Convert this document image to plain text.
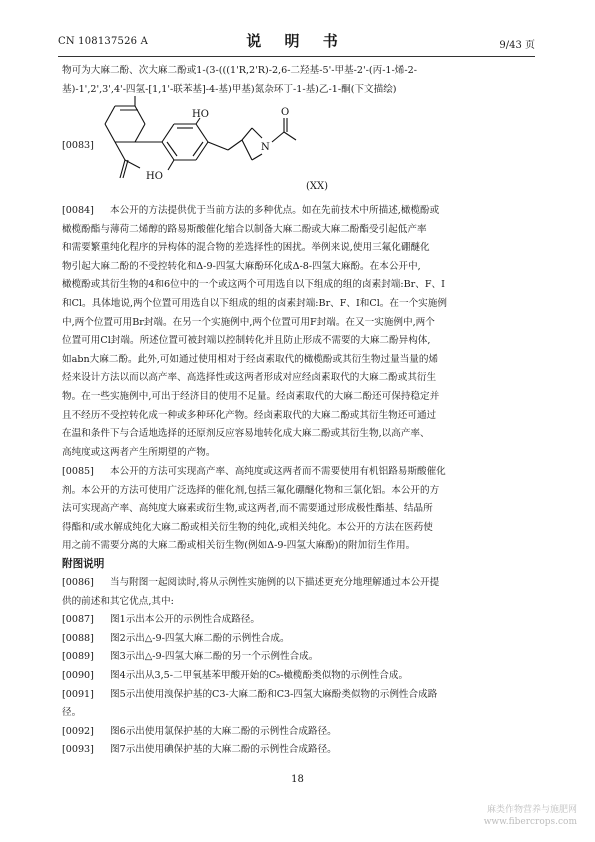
CN 108137526 A	说 明 书	9/43 页
物可为大麻二酚、次大麻二酚或1-(3-(((1'R,2'R)-2,6-二羟基-5'-甲基-2'-(丙-1-烯-2-
基)-1',2',3',4'-四氢-[1,1'-联苯基]-4-基)甲基)氮杂环丁-1-基)乙-1-酮(下文描绘)
[0083]
HO
HO
N
O
(XX)
[0084] 本公开的方法提供优于当前方法的多种优点。如在先前技术中所描述,橄榄酚或
橄榄酚酯与薄荷二烯醇的路易斯酸催化缩合以制备大麻二酚或大麻二酚酯受引起低产率
和需要繁重纯化程序的异构体的混合物的差选择性的困扰。举例来说,使用三氟化硼醚化
物引起大麻二酚的不受控转化和Δ-9-四氢大麻酚环化成Δ-8-四氢大麻酚。在本公开中,
橄榄酚或其衍生物的4和6位中的一个或这两个可用选自以下组成的组的卤素封端:Br、F、I
和Cl。具体地说,两个位置可用选自以下组成的组的卤素封端:Br、F、I和Cl。在一个实施例
中,两个位置可用Br封端。在另一个实施例中,两个位置可用F封端。在又一实施例中,两个
位置可用Cl封端。所述位置可被封端以控制转化并且防止形成不需要的大麻二酚异构体,
如abn大麻二酚。此外,可如通过使用相对于经卤素取代的橄榄酚或其衍生物过量当量的烯
烃来设计方法以而以高产率、高选择性或这两者形成对应经卤素取代的大麻二酚或其衍生
物。在一些实施例中,可出于经济目的使用不足量。经卤素取代的大麻二酚还可保持稳定并
且不经历不受控转化成一种或多种环化产物。经卤素取代的大麻二酚或其衍生物还可通过
在温和条件下与合适地选择的还原剂反应容易地转化成大麻二酚或其衍生物,以高产率、
高纯度或这两者产生所期望的产物。
[0085] 本公开的方法可实现高产率、高纯度或这两者而不需要使用有机铝路易斯酸催化
剂。本公开的方法可使用广泛选择的催化剂,包括三氟化硼醚化物和三氯化铝。本公开的方
法可实现高产率、高纯度大麻素或衍生物,或这两者,而不需要通过形成极性酯基、结晶所
得酯和/或水解成纯化大麻二酚或相关衍生物的纯化,或相关纯化。本公开的方法在医药使
用之前不需要分离的大麻二酚或相关衍生物(例如Δ-9-四氢大麻酚)的附加衍生作用。
附图说明
[0086] 当与附图一起阅读时,将从示例性实施例的以下描述更充分地理解通过本公开提
供的前述和其它优点,其中:
[0087] 图1示出本公开的示例性合成路径。
[0088] 图2示出△-9-四氢大麻二酚的示例性合成。
[0089] 图3示出△-9-四氢大麻二酚的另一个示例性合成。
[0090] 图4示出从3,5-二甲氧基苯甲酸开始的C₅-橄榄酚类似物的示例性合成。
[0091] 图5示出使用溴保护基的C3-大麻二酚和C3-四氢大麻酚类似物的示例性合成路
径。
[0092] 图6示出使用氯保护基的大麻二酚的示例性合成路径。
[0093] 图7示出使用碘保护基的大麻二酚的示例性合成路径。
18
麻类作物营养与施肥网
www.fibercrops.com
